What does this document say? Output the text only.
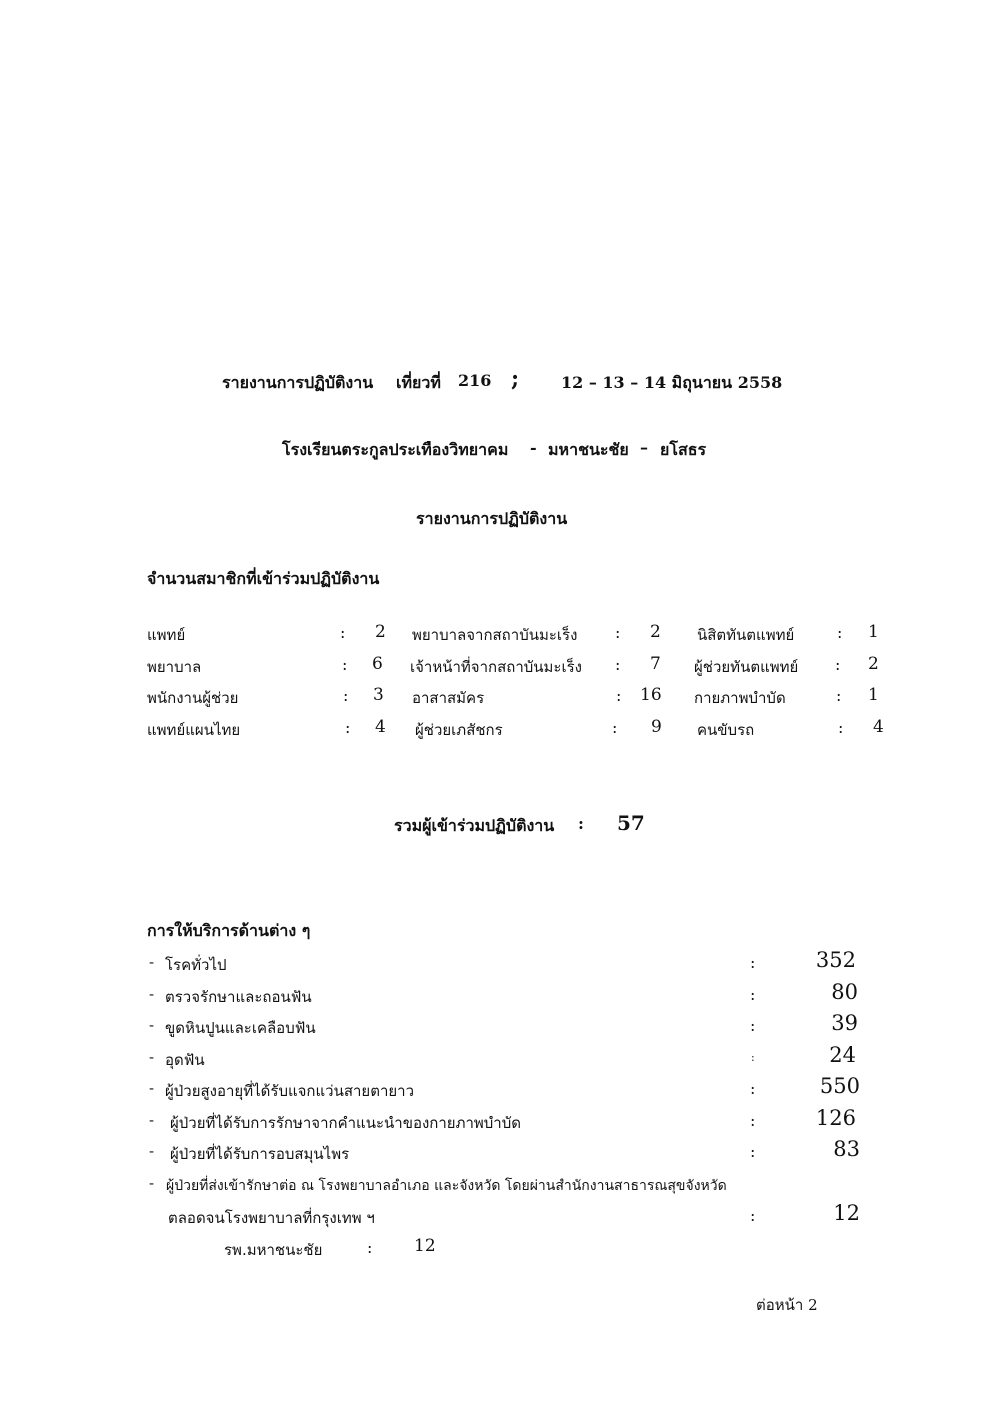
รายงานการปฏิบัติงาน เที่ยวที่ 216 ;	12 – 13 – 14 มิถุนายน 2558
โรงเรียนตระกูลประเทืองวิทยาคม - มหาชนะชัย – ยโสธร
รายงานการปฏิบัติงาน
จำนวนสมาชิกที่เข้าร่วมปฏิบัติงาน
แพทย์	: 2 พยาบาลจากสถาบันมะเร็ง : 2 นิสิตทันตแพทย์	: 1
พยาบาล	: 6 เจ้าหน้าที่จากสถาบันมะเร็ง : 7 ผู้ช่วยทันตแพทย์ : 2
พนักงานผู้ช่วย	: 3 อาสาสมัคร	: 16 กายภาพบำบัด	: 1
แพทย์แผนไทย	: 4 ผู้ช่วยเภสัชกร	: 9 คนขับรถ	: 4
รวมผู้เข้าร่วมปฏิบัติงาน : 57
การให้บริการด้านต่าง ๆ
- โรคทั่วไป	:	352
- ตรวจรักษาและถอนฟัน	:	80
- ขูดหินปูนและเคลือบฟัน	:	39
- อุดฟัน	:	24
- ผู้ป่วยสูงอายุที่ได้รับแจกแว่นสายตายาว	:	550
- ผู้ป่วยที่ได้รับการรักษาจากคำแนะนำของกายภาพบำบัด	:	126
- ผู้ป่วยที่ได้รับการอบสมุนไพร	:	83
- ผู้ป่วยที่ส่งเข้ารักษาต่อ ณ โรงพยาบาลอำเภอ และจังหวัด โดยผ่านสำนักงานสาธารณสุขจังหวัด
ตลอดจนโรงพยาบาลที่กรุงเทพ ฯ	:	12
รพ.มหาชนะชัย	: 12
ต่อหน้า 2
